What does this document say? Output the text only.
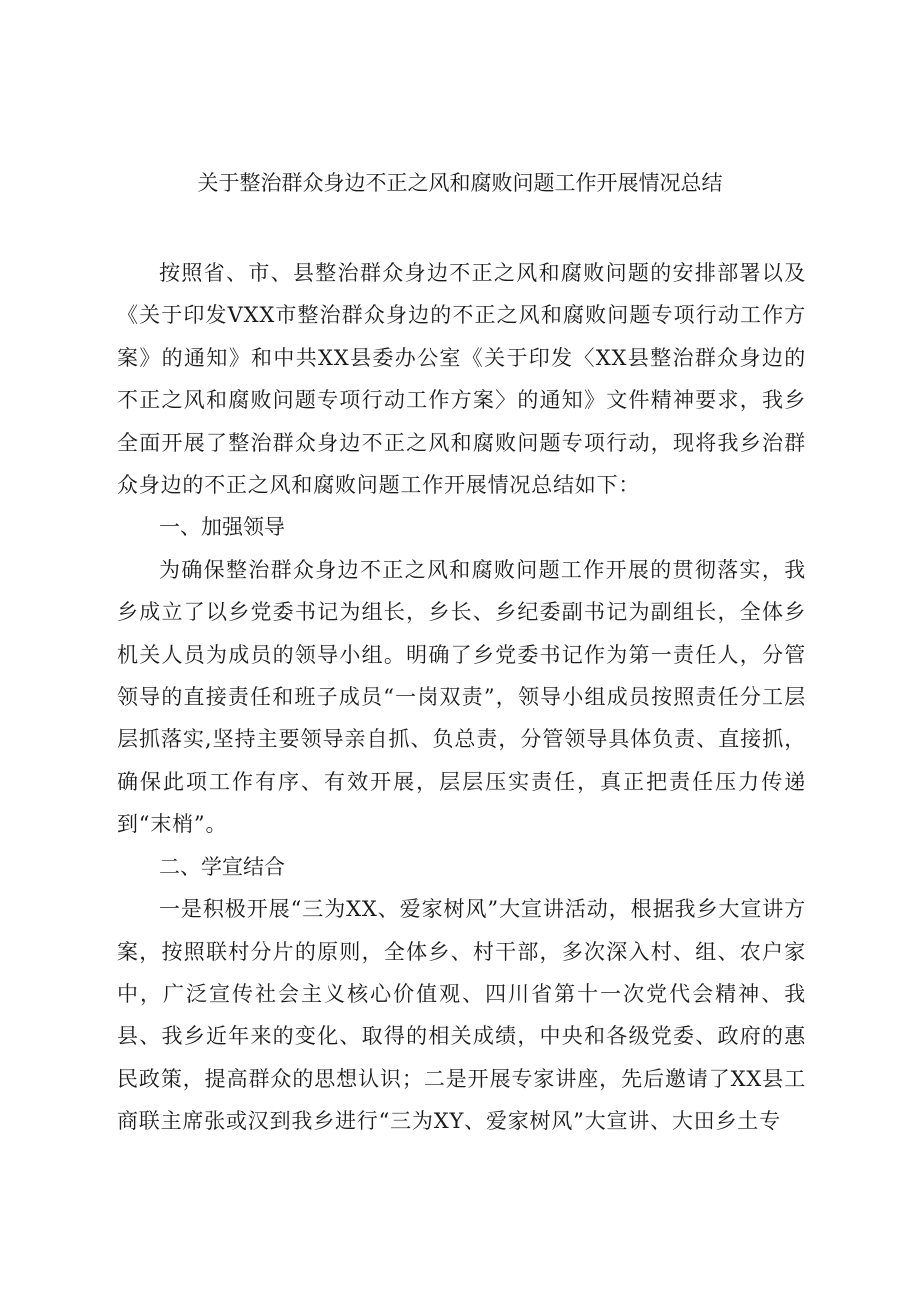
关于整治群众身边不正之风和腐败问题工作开展情况总结

按照省、市、县整治群众身边不正之风和腐败问题的安排部署以及《关于印发VXX市整治群众身边的不正之风和腐败问题专项行动工作方案》的通知》和中共XX县委办公室《关于印发〈XX县整治群众身边的不正之风和腐败问题专项行动工作方案〉的通知》文件精神要求，我乡全面开展了整治群众身边不正之风和腐败问题专项行动，现将我乡治群众身边的不正之风和腐败问题工作开展情况总结如下：

一、加强领导

为确保整治群众身边不正之风和腐败问题工作开展的贯彻落实，我乡成立了以乡党委书记为组长，乡长、乡纪委副书记为副组长，全体乡机关人员为成员的领导小组。明确了乡党委书记作为第一责任人，分管领导的直接责任和班子成员“一岗双责”，领导小组成员按照责任分工层层抓落实,坚持主要领导亲自抓、负总责，分管领导具体负责、直接抓，确保此项工作有序、有效开展，层层压实责任，真正把责任压力传递到“末梢”。

二、学宣结合

一是积极开展“三为XX、爱家树风”大宣讲活动，根据我乡大宣讲方案，按照联村分片的原则，全体乡、村干部，多次深入村、组、农户家中，广泛宣传社会主义核心价值观、四川省第十一次党代会精神、我县、我乡近年来的变化、取得的相关成绩，中央和各级党委、政府的惠民政策，提高群众的思想认识；二是开展专家讲座，先后邀请了XX县工商联主席张或汉到我乡进行“三为XY、爱家树风”大宣讲、大田乡土专
